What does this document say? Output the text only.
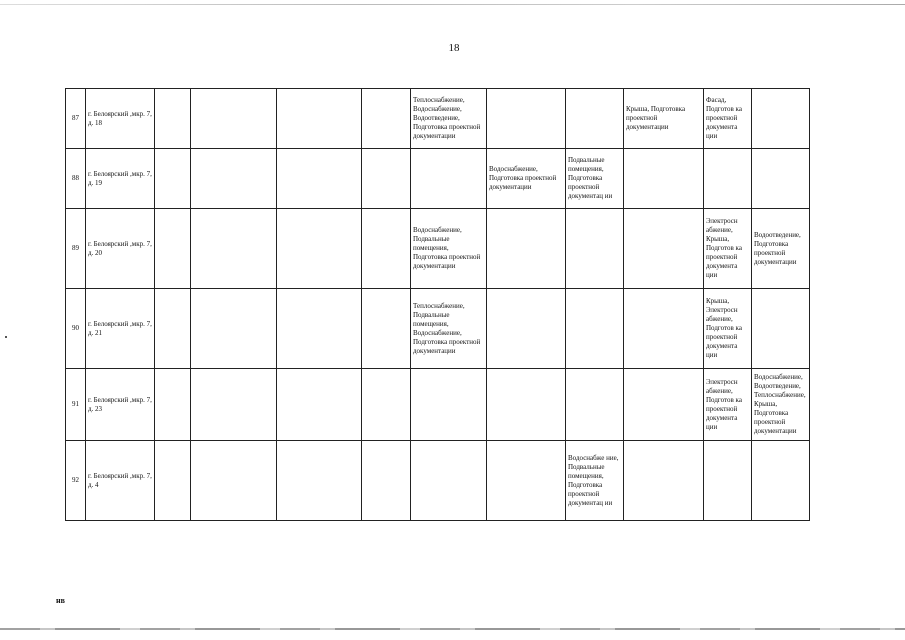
18
87	г. Белоярский ,мкр. 7, д. 18					Теплоснабжение, Водоснабжение, Водоотведение, Подготовка проектной документации			Крыша, Подготовка проектной документации	Фасад, Подготов ка проектной документа ции	
88	г. Белоярский ,мкр. 7, д. 19						Водоснабжение, Подготовка проектной документации	Подвальные помещения, Подготовка проектной документац ии			
89	г. Белоярский ,мкр. 7, д. 20					Водоснабжение, Подвальные помещения, Подготовка проектной документации				Электросн абжение, Крыша, Подготов ка проектной документа ции	Водоотведение, Подготовка проектной документации
90	г. Белоярский ,мкр. 7, д. 21					Теплоснабжение, Подвальные помещения, Водоснабжение, Подготовка проектной документации				Крыша, Электросн абжение, Подготов ка проектной документа ции	
91	г. Белоярский ,мкр. 7, д. 23									Электросн абжение, Подготов ка проектной документа ции	Водоснабжение, Водоотведение, Теплоснабжение, Крыша, Подготовка проектной документации
92	г. Белоярский ,мкр. 7, д. 4							Водоснабже ние, Подвальные помещения, Подготовка проектной документац ии			
нв
